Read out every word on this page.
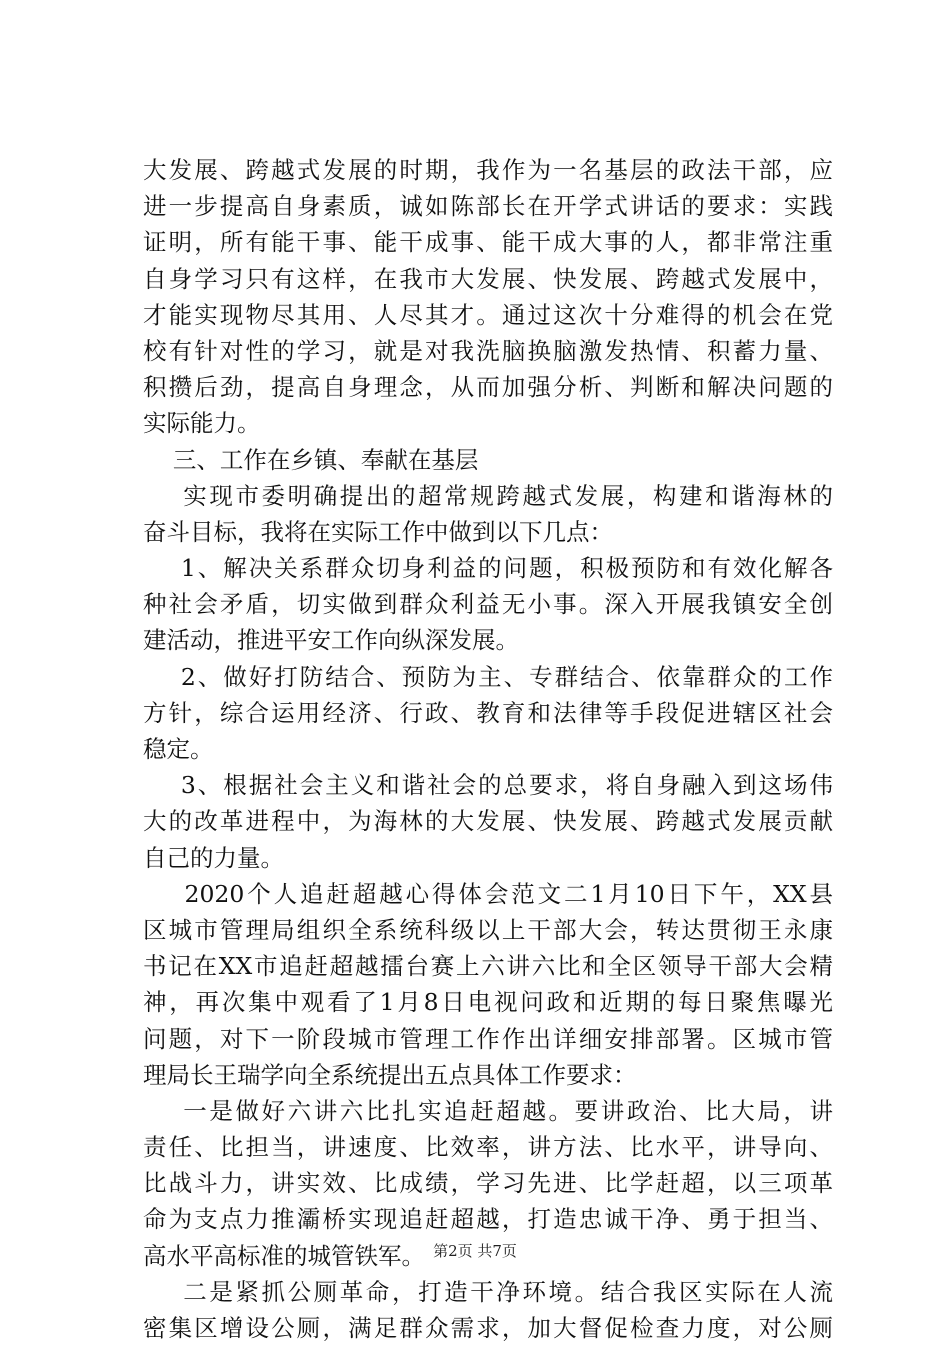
大发展、跨越式发展的时期，我作为一名基层的政法干部，应
进一步提高自身素质，诚如陈部长在开学式讲话的要求：实践
证明，所有能干事、能干成事、能干成大事的人，都非常注重
自身学习只有这样，在我市大发展、快发展、跨越式发展中，
才能实现物尽其用、人尽其才。通过这次十分难得的机会在党
校有针对性的学习，就是对我洗脑换脑激发热情、积蓄力量、
积攒后劲，提高自身理念，从而加强分析、判断和解决问题的
实际能力。
三、工作在乡镇、奉献在基层
实现市委明确提出的超常规跨越式发展，构建和谐海林的
奋斗目标，我将在实际工作中做到以下几点：
1、解决关系群众切身利益的问题，积极预防和有效化解各
种社会矛盾，切实做到群众利益无小事。深入开展我镇安全创
建活动，推进平安工作向纵深发展。
2、做好打防结合、预防为主、专群结合、依靠群众的工作
方针，综合运用经济、行政、教育和法律等手段促进辖区社会
稳定。
3、根据社会主义和谐社会的总要求，将自身融入到这场伟
大的改革进程中，为海林的大发展、快发展、跨越式发展贡献
自己的力量。
2020个人追赶超越心得体会范文二1月10日下午，XX县
区城市管理局组织全系统科级以上干部大会，转达贯彻王永康
书记在XX市追赶超越擂台赛上六讲六比和全区领导干部大会精
神，再次集中观看了1月8日电视问政和近期的每日聚焦曝光
问题，对下一阶段城市管理工作作出详细安排部署。区城市管
理局长王瑞学向全系统提出五点具体工作要求：
一是做好六讲六比扎实追赶超越。要讲政治、比大局，讲
责任、比担当，讲速度、比效率，讲方法、比水平，讲导向、
比战斗力，讲实效、比成绩，学习先进、比学赶超，以三项革
命为支点力推灞桥实现追赶超越，打造忠诚干净、勇于担当、
高水平高标准的城管铁军。
二是紧抓公厕革命，打造干净环境。结合我区实际在人流
密集区增设公厕，满足群众需求，加大督促检查力度，对公厕
第2页 共7页
